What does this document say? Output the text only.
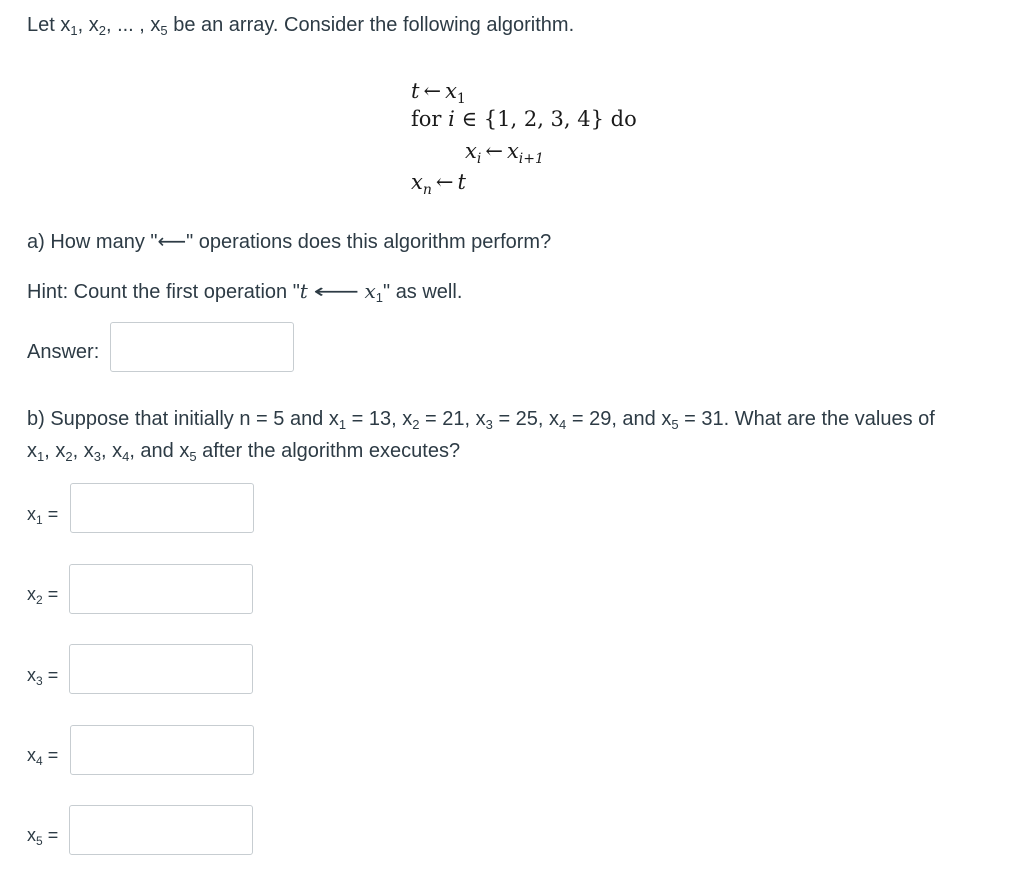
Let $x_1$, $x_2$, ... , $x_5$ be an array. Consider the following algorithm.
t ← $x_1$
for i ∈ {1, 2, 3, 4} do
$x_i$ ← $x_{i+1}$
$x_n$ ← t
a) How many "⟵" operations does this algorithm perform?
Hint: Count the first operation "t ⟵ $x_1$" as well.
Answer:
b) Suppose that initially n = 5 and $x_1 = 13$, $x_2 = 21$, $x_3 = 25$, $x_4 = 29$, and $x_5 = 31$. What are the values of
$x_1$, $x_2$, $x_3$, $x_4$, and $x_5$ after the algorithm executes?
$x_1$ =
$x_2$ =
$x_3$ =
$x_4$ =
$x_5$ =
